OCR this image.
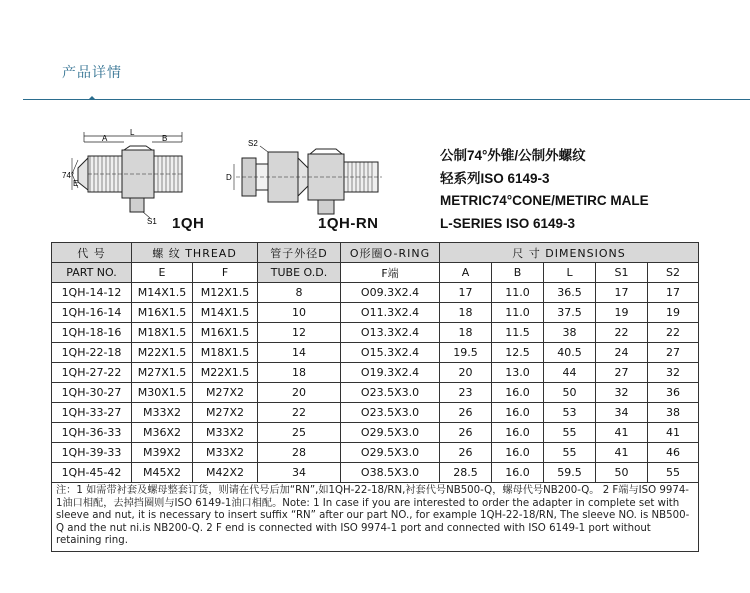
产品详情
A
L
B
74°
E
S1 1QH
S2
D
1QH-RN
公制74°外锥/公制外螺纹
轻系列ISO 6149-3
METRIC74°CONE/METIRC MALE
L-SERIES ISO 6149-3
代 号	螺 纹 THREAD		管子外径D	O形圈O-RING	尺 寸 DIMENSIONS				
PART NO.	E	F	TUBE O.D.	F端	A	B	L	S1	S2
1QH-14-12	M14X1.5	M12X1.5	8	O09.3X2.4	17	11.0	36.5	17	17
1QH-16-14	M16X1.5	M14X1.5	10	O11.3X2.4	18	11.0	37.5	19	19
1QH-18-16	M18X1.5	M16X1.5	12	O13.3X2.4	18	11.5	38	22	22
1QH-22-18	M22X1.5	M18X1.5	14	O15.3X2.4	19.5	12.5	40.5	24	27
1QH-27-22	M27X1.5	M22X1.5	18	O19.3X2.4	20	13.0	44	27	32
1QH-30-27	M30X1.5	M27X2	20	O23.5X3.0	23	16.0	50	32	36
1QH-33-27	M33X2	M27X2	22	O23.5X3.0	26	16.0	53	34	38
1QH-36-33	M36X2	M33X2	25	O29.5X3.0	26	16.0	55	41	41
1QH-39-33	M39X2	M33X2	28	O29.5X3.0	26	16.0	55	41	46
1QH-45-42	M45X2	M42X2	34	O38.5X3.0	28.5	16.0	59.5	50	55
注：1 如需带衬套及螺母整套订货，则请在代号后加“RN”,如1QH-22-18/RN,衬套代号NB500-Q，螺母代号NB200-Q。 2 F端与ISO 9974-1油口相配，去掉挡圈则与ISO 6149-1油口相配。Note: 1 In case if you are interested to order the adapter in complete set with sleeve and nut, it is necessary to insert suffix “RN” after our part NO., for example 1QH-22-18/RN, The sleeve NO. is NB500-Q and the nut ni.is NB200-Q. 2 F end is connected with ISO 9974-1 port and connected with ISO 6149-1 port without retaining ring.									
